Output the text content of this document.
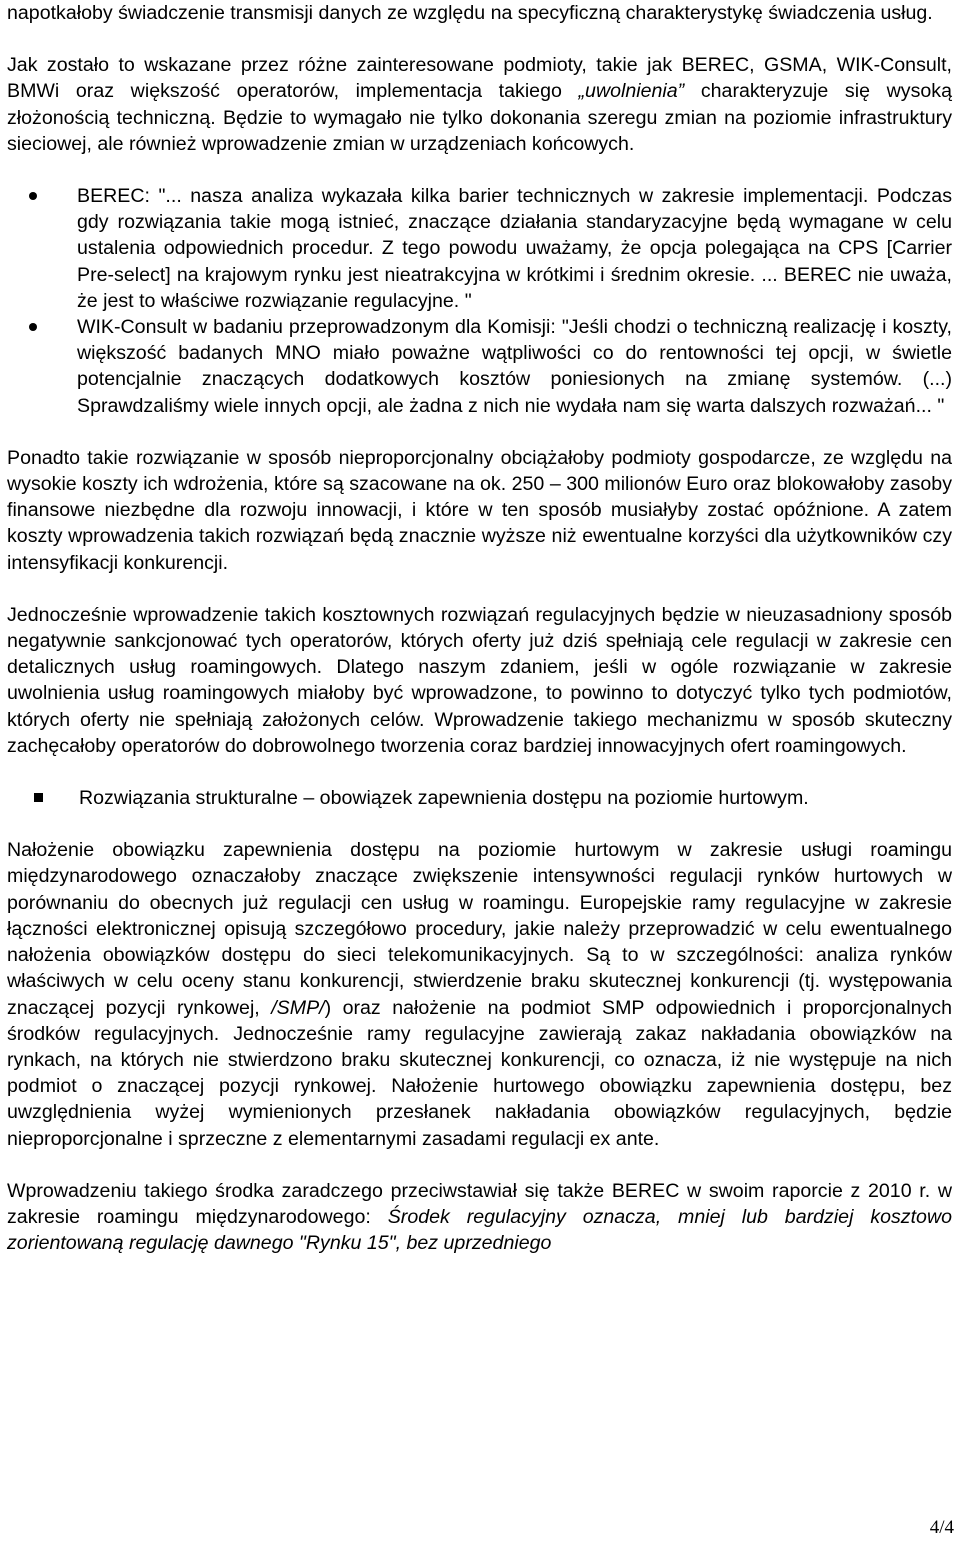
napotkałoby świadczenie transmisji danych ze względu na specyficzną charakterystykę świadczenia usług.

Jak zostało to wskazane przez różne zainteresowane podmioty, takie jak BEREC, GSMA, WIK-Consult, BMWi oraz większość operatorów, implementacja takiego „uwolnienia” charakteryzuje się wysoką złożonością techniczną. Będzie to wymagało nie tylko dokonania szeregu zmian na poziomie infrastruktury sieciowej, ale również wprowadzenie zmian w urządzeniach końcowych.

BEREC: "... nasza analiza wykazała kilka barier technicznych w zakresie implementacji. Podczas gdy rozwiązania takie mogą istnieć, znaczące działania standaryzacyjne będą wymagane w celu ustalenia odpowiednich procedur. Z tego powodu uważamy, że opcja polegająca na CPS [Carrier Pre-select] na krajowym rynku jest nieatrakcyjna w krótkimi i średnim okresie. ... BEREC nie uważa, że jest to właściwe rozwiązanie regulacyjne. "
WIK-Consult w badaniu przeprowadzonym dla Komisji: "Jeśli chodzi o techniczną realizację i koszty, większość badanych MNO miało poważne wątpliwości co do rentowności tej opcji, w świetle potencjalnie znaczących dodatkowych kosztów poniesionych na zmianę systemów. (...) Sprawdzaliśmy wiele innych opcji, ale żadna z nich nie wydała nam się warta dalszych rozważań... "

Ponadto takie rozwiązanie w sposób nieproporcjonalny obciążałoby podmioty gospodarcze, ze względu na wysokie koszty ich wdrożenia, które są szacowane na ok. 250 – 300 milionów Euro oraz blokowałoby zasoby finansowe niezbędne dla rozwoju innowacji, i które w ten sposób musiałyby zostać opóźnione. A zatem koszty wprowadzenia takich rozwiązań będą znacznie wyższe niż ewentualne korzyści dla użytkowników czy intensyfikacji konkurencji.

Jednocześnie wprowadzenie takich kosztownych rozwiązań regulacyjnych będzie w nieuzasadniony sposób negatywnie sankcjonować tych operatorów, których oferty już dziś spełniają cele regulacji w zakresie cen detalicznych usług roamingowych. Dlatego naszym zdaniem, jeśli w ogóle rozwiązanie w zakresie uwolnienia usług roamingowych miałoby być wprowadzone, to powinno to dotyczyć tylko tych podmiotów, których oferty nie spełniają założonych celów. Wprowadzenie takiego mechanizmu w sposób skuteczny zachęcałoby operatorów do dobrowolnego tworzenia coraz bardziej innowacyjnych ofert roamingowych.

Rozwiązania strukturalne – obowiązek zapewnienia dostępu na poziomie hurtowym.

Nałożenie obowiązku zapewnienia dostępu na poziomie hurtowym w zakresie usługi roamingu międzynarodowego oznaczałoby znaczące zwiększenie intensywności regulacji rynków hurtowych w porównaniu do obecnych już regulacji cen usług w roamingu. Europejskie ramy regulacyjne w zakresie łączności elektronicznej opisują szczegółowo procedury, jakie należy przeprowadzić w celu ewentualnego nałożenia obowiązków dostępu do sieci telekomunikacyjnych. Są to w szczególności: analiza rynków właściwych w celu oceny stanu konkurencji, stwierdzenie braku skutecznej konkurencji (tj. występowania znaczącej pozycji rynkowej, /SMP/) oraz nałożenie na podmiot SMP odpowiednich i proporcjonalnych środków regulacyjnych. Jednocześnie ramy regulacyjne zawierają zakaz nakładania obowiązków na rynkach, na których nie stwierdzono braku skutecznej konkurencji, co oznacza, iż nie występuje na nich podmiot o znaczącej pozycji rynkowej. Nałożenie hurtowego obowiązku zapewnienia dostępu, bez uwzględnienia wyżej wymienionych przesłanek nakładania obowiązków regulacyjnych, będzie nieproporcjonalne i sprzeczne z elementarnymi zasadami regulacji ex ante.

Wprowadzeniu takiego środka zaradczego przeciwstawiał się także BEREC w swoim raporcie z 2010 r. w zakresie roamingu międzynarodowego: Środek regulacyjny oznacza, mniej lub bardziej kosztowo zorientowaną regulację dawnego "Rynku 15", bez uprzedniego

4/4
